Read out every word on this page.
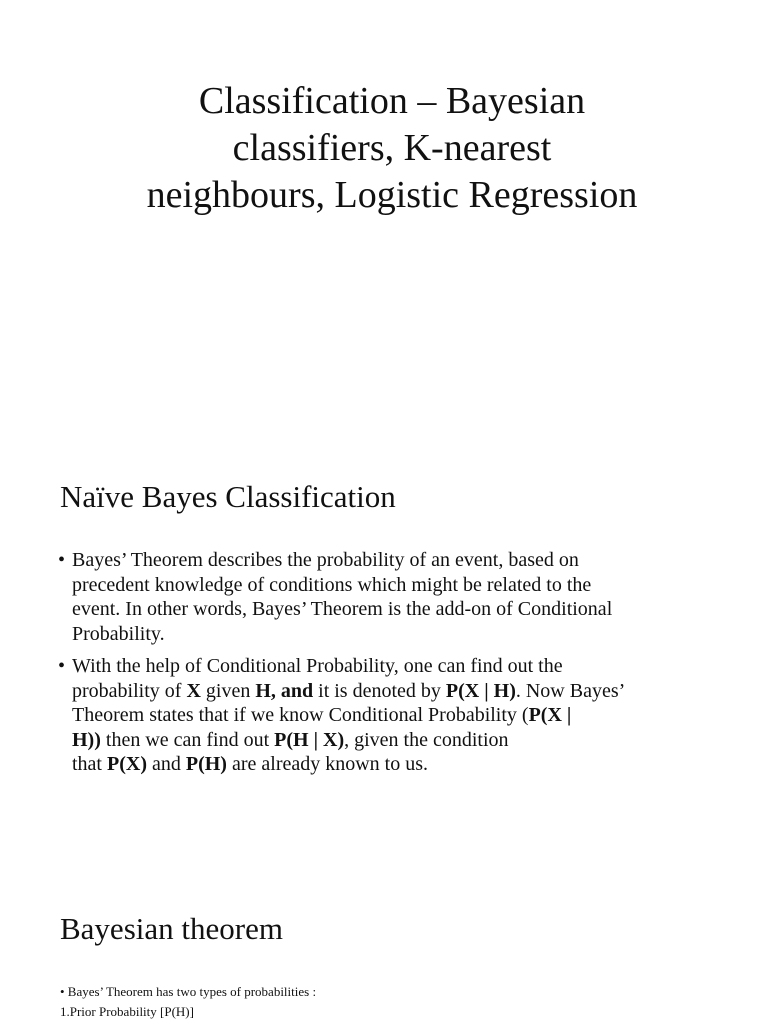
Classification – Bayesian
classifiers, K-nearest
neighbours, Logistic Regression
Naïve Bayes Classification
• Bayes’ Theorem describes the probability of an event, based on
precedent knowledge of conditions which might be related to the
event. In other words, Bayes’ Theorem is the add-on of Conditional
Probability.
• With the help of Conditional Probability, one can find out the
probability of X given H, and it is denoted by P(X | H). Now Bayes’
Theorem states that if we know Conditional Probability (P(X |
H)) then we can find out P(H | X), given the condition
that P(X) and P(H) are already known to us.
Bayesian theorem
• Bayes’ Theorem has two types of probabilities :
1.Prior Probability [P(H)]
